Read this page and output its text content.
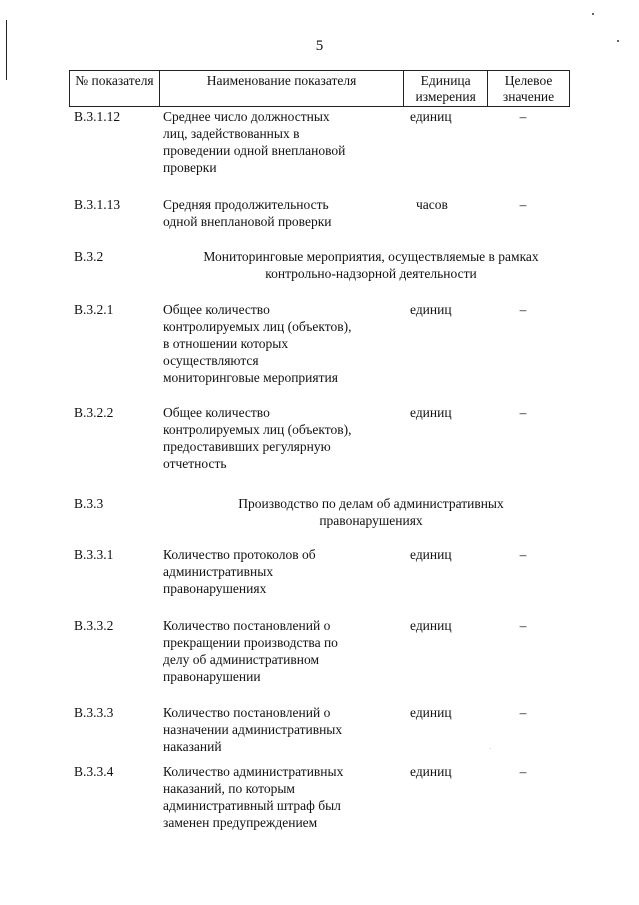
5
№ показателя	Наименование показателя	Единица измерения	Целевое значение
В.3.1.12	Среднее число должностных
лиц, задействованных в
проведении одной внеплановой
проверки
единиц	–
В.3.1.13	Средняя продолжительность
одной внеплановой проверки
часов	–
В.3.2	Мониторинговые мероприятия, осуществляемые в рамках
контрольно-надзорной деятельности
В.3.2.1	Общее количество
контролируемых лиц (объектов),
в отношении которых
осуществляются
мониторинговые мероприятия
единиц	–
В.3.2.2	Общее количество
контролируемых лиц (объектов),
предоставивших регулярную
отчетность
единиц	–
В.3.3	Производство по делам об административных
правонарушениях
В.3.3.1	Количество протоколов об
административных
правонарушениях
единиц	–
В.3.3.2	Количество постановлений о
прекращении производства по
делу об административном
правонарушении
единиц	–
В.3.3.3	Количество постановлений о
назначении административных
наказаний
единиц	–
В.3.3.4	Количество административных
наказаний, по которым
административный штраф был
заменен предупреждением
единиц	–
